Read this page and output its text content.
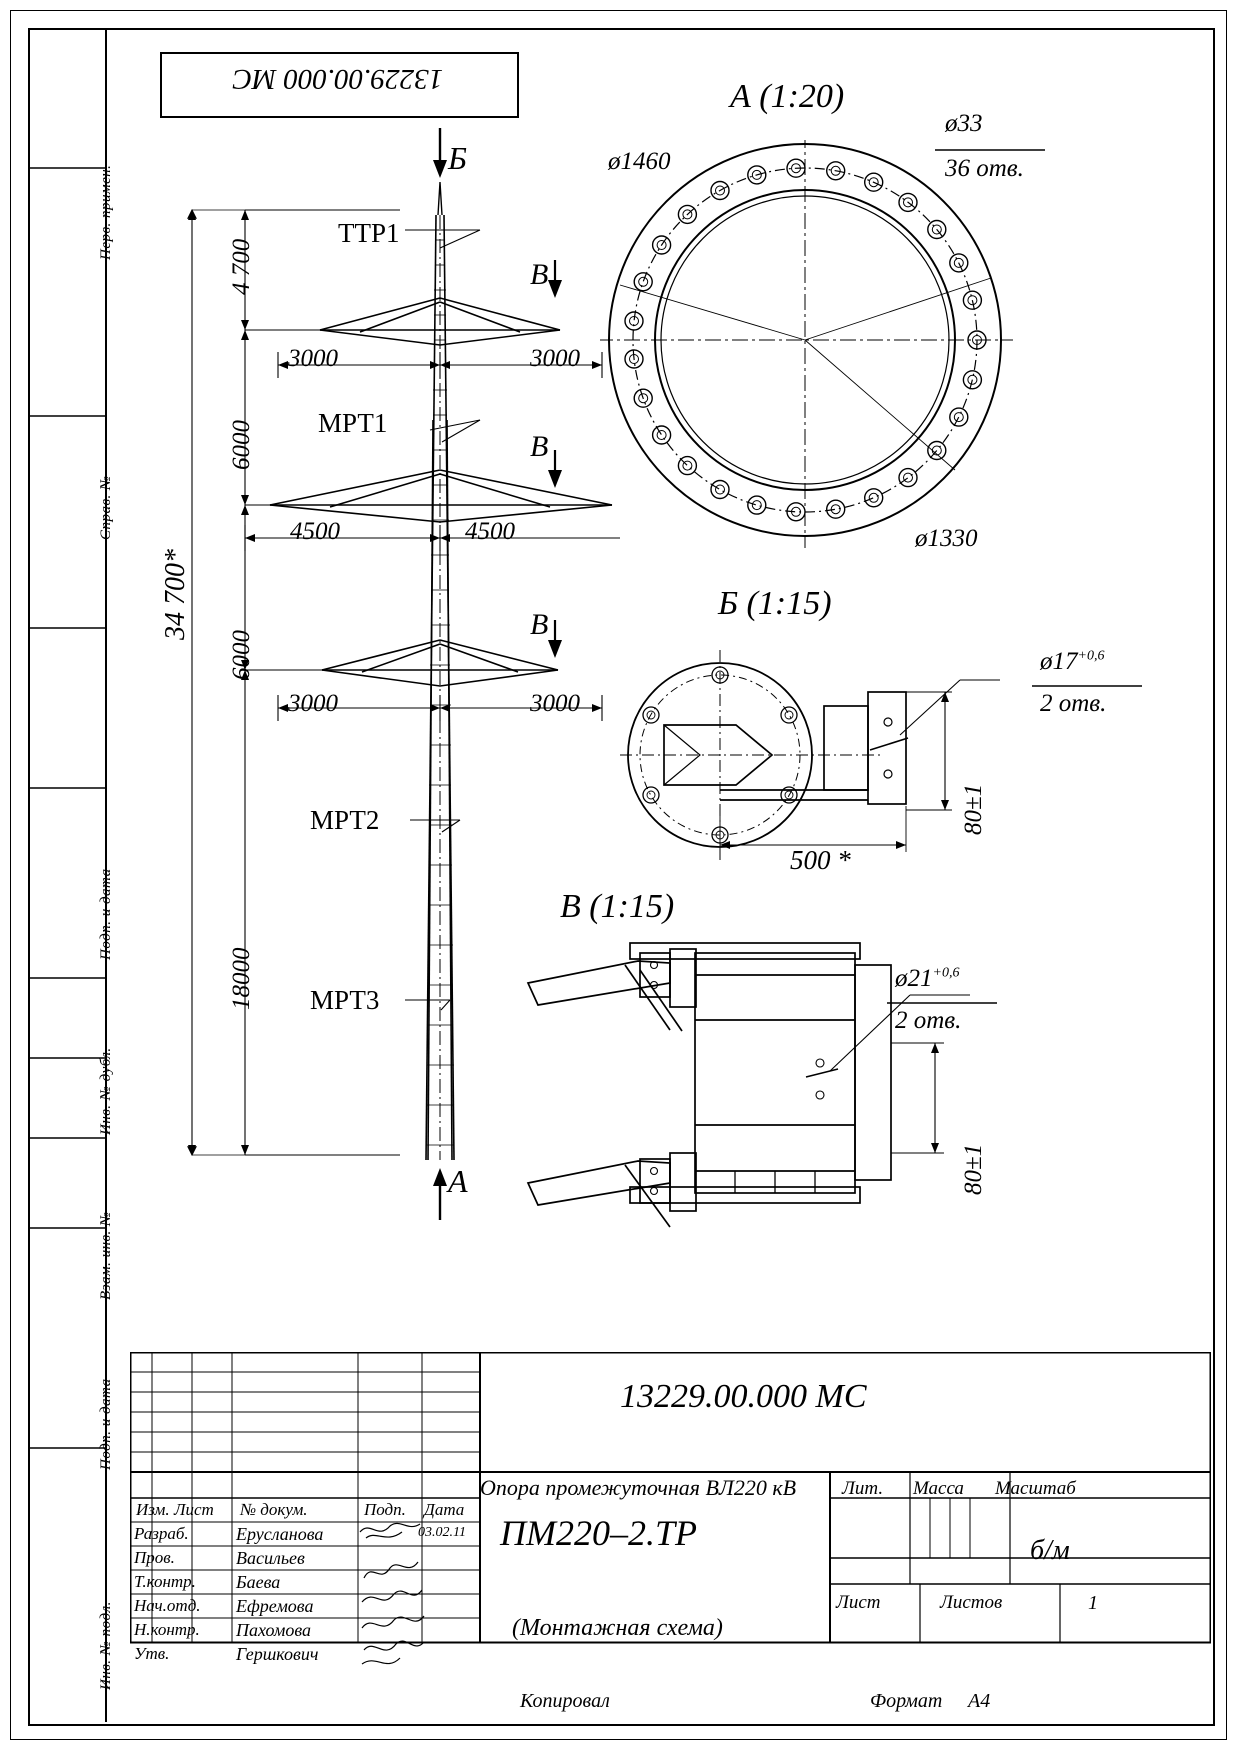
Перв. примен.
Справ. №
Подп. и дата
Инв. № дубл.
Взам. инв. №
Подп. и дата
Инв. № подл.
13229.00.000 МС
34 700*
4 700
6000
6000
18000
3000	3000
4500	4500
3000	3000
ТТР1
МРТ1
МРТ2
МРТ3
Б
А
В
В
В
А (1:20)
ø1460
ø1330
ø33
36 отв.
Б (1:15)
$ø17^{+0,6}$
2 отв.
80±1
500 *
В (1:15)
$ø21^{+0,6}$
2 отв.
80±1
Изм. Лист № докум.	Подп. Дата
Разраб.	Ерусланова	03.02.11
Пров.	Васильев
Т.контр. Баева
Нач.отд. Ефремова
Н.контр. Пахомова
Утв.	Гершкович
13229.00.000 МС
Опора промежуточная ВЛ220 кВ
ПМ220–2.ТР
(Монтажная схема)
Лит. Масса Масштаб
б/м
Лист	Листов	1
Копировал	Формат А4
